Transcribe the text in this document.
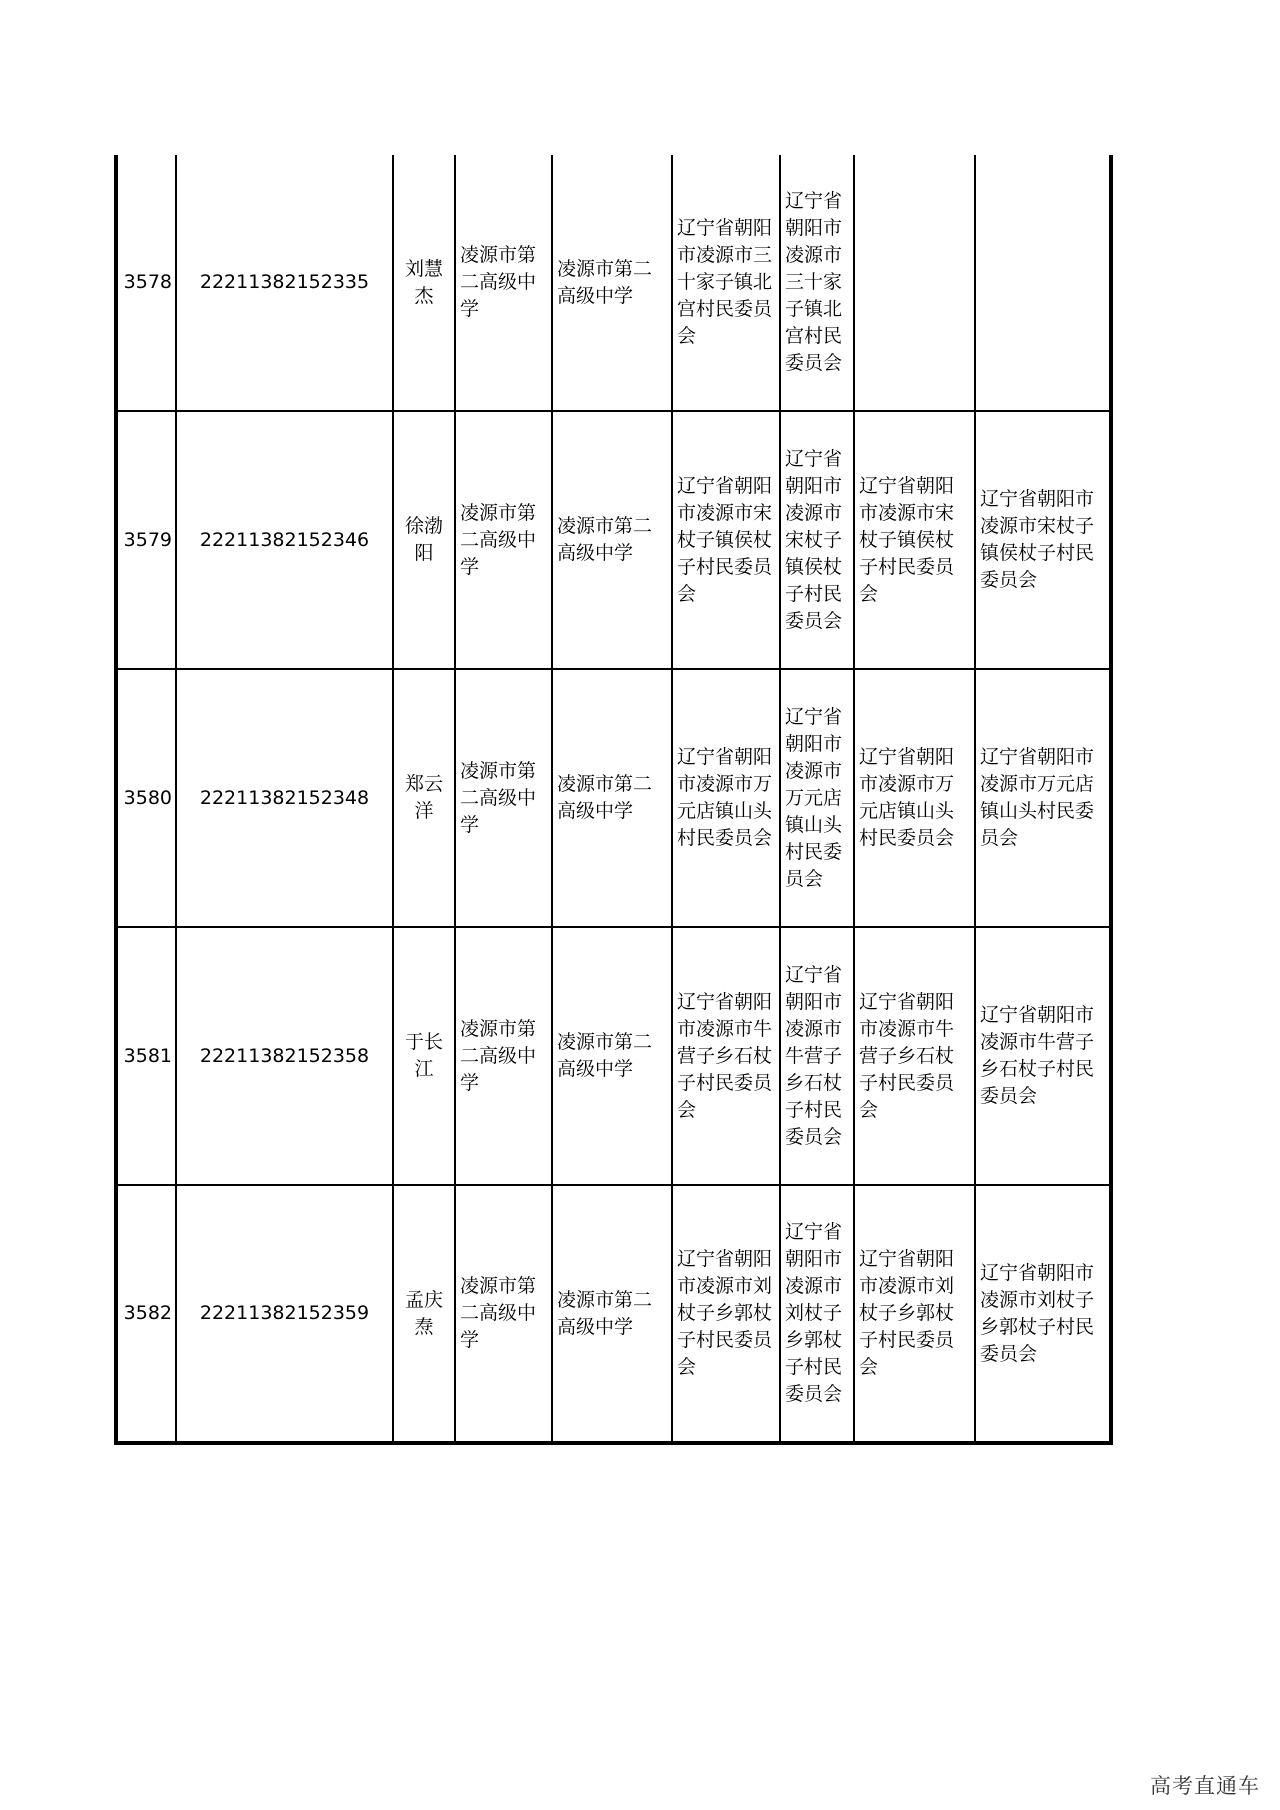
3578	22211382152335	刘慧杰	凌源市第二高级中学	凌源市第二高级中学	辽宁省朝阳市凌源市三十家子镇北宫村民委员会	辽宁省朝阳市凌源市三十家子镇北宫村民委员会		
3579	22211382152346	徐渤阳	凌源市第二高级中学	凌源市第二高级中学	辽宁省朝阳市凌源市宋杖子镇侯杖子村民委员会	辽宁省朝阳市凌源市宋杖子镇侯杖子村民委员会	辽宁省朝阳市凌源市宋杖子镇侯杖子村民委员会	辽宁省朝阳市凌源市宋杖子镇侯杖子村民委员会
3580	22211382152348	郑云洋	凌源市第二高级中学	凌源市第二高级中学	辽宁省朝阳市凌源市万元店镇山头村民委员会	辽宁省朝阳市凌源市万元店镇山头村民委员会	辽宁省朝阳市凌源市万元店镇山头村民委员会	辽宁省朝阳市凌源市万元店镇山头村民委员会
3581	22211382152358	于长江	凌源市第二高级中学	凌源市第二高级中学	辽宁省朝阳市凌源市牛营子乡石杖子村民委员会	辽宁省朝阳市凌源市牛营子乡石杖子村民委员会	辽宁省朝阳市凌源市牛营子乡石杖子村民委员会	辽宁省朝阳市凌源市牛营子乡石杖子村民委员会
3582	22211382152359	孟庆焘	凌源市第二高级中学	凌源市第二高级中学	辽宁省朝阳市凌源市刘杖子乡郭杖子村民委员会	辽宁省朝阳市凌源市刘杖子乡郭杖子村民委员会	辽宁省朝阳市凌源市刘杖子乡郭杖子村民委员会	辽宁省朝阳市凌源市刘杖子乡郭杖子村民委员会
高考直通车
